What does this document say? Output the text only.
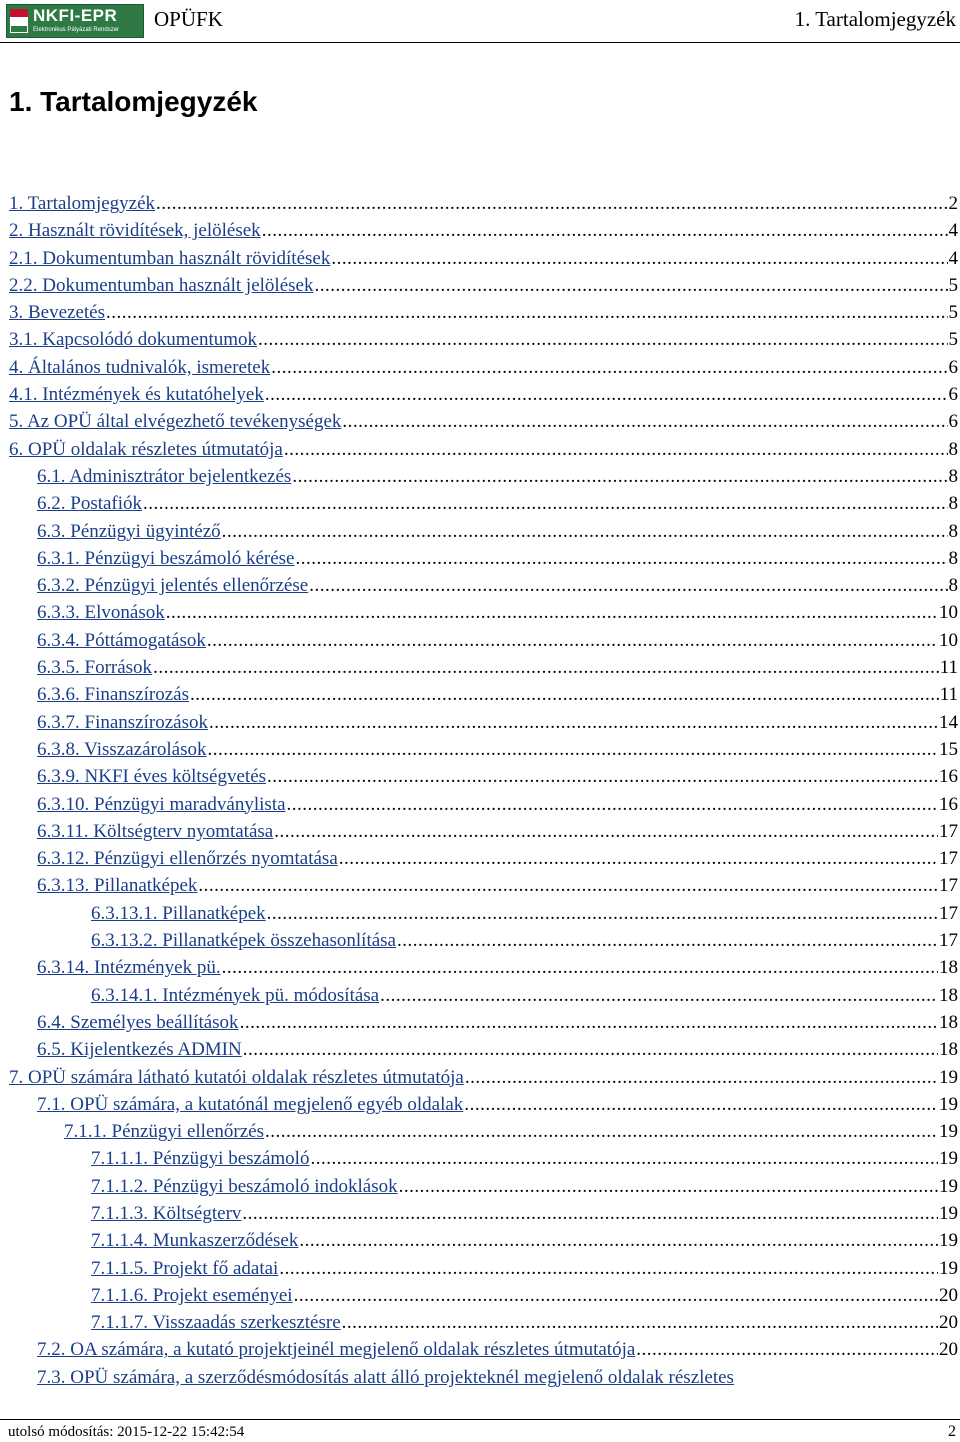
NKFI-EPR
Elektronikus Pályázati Rendszer OPÜFK	1. Tartalomjegyzék
1. Tartalomjegyzék
1. Tartalomjegyzék .....	2
2. Használt rövidítések, jelölések .....	4
2.1. Dokumentumban használt rövidítések .....	4
2.2. Dokumentumban használt jelölések .....	5
3. Bevezetés .....	5
3.1. Kapcsolódó dokumentumok .....	5
4. Általános tudnivalók, ismeretek .....	6
4.1. Intézmények és kutatóhelyek .....	6
5. Az OPÜ által elvégezhető tevékenységek .....	6
6. OPÜ oldalak részletes útmutatója .....	8
6.1. Adminisztrátor bejelentkezés .....	8
6.2. Postafiók .....	8
6.3. Pénzügyi ügyintéző .....	8
6.3.1. Pénzügyi beszámoló kérése .....	8
6.3.2. Pénzügyi jelentés ellenőrzése .....	8
6.3.3. Elvonások .....	10
6.3.4. Póttámogatások .....	10
6.3.5. Források .....	11
6.3.6. Finanszírozás .....	11
6.3.7. Finanszírozások .....	14
6.3.8. Visszazárolások .....	15
6.3.9. NKFI éves költségvetés .....	16
6.3.10. Pénzügyi maradványlista .....	16
6.3.11. Költségterv nyomtatása .....	17
6.3.12. Pénzügyi ellenőrzés nyomtatása .....	17
6.3.13. Pillanatképek .....	17
6.3.13.1. Pillanatképek .....	17
6.3.13.2. Pillanatképek összehasonlítása .....	17
6.3.14. Intézmények pü. .....	18
6.3.14.1. Intézmények pü. módosítása .....	18
6.4. Személyes beállítások .....	18
6.5. Kijelentkezés ADMIN .....	18
7. OPÜ számára látható kutatói oldalak részletes útmutatója .....	19
7.1. OPÜ számára, a kutatónál megjelenő egyéb oldalak .....	19
7.1.1. Pénzügyi ellenőrzés .....	19
7.1.1.1. Pénzügyi beszámoló .....	19
7.1.1.2. Pénzügyi beszámoló indoklások .....	19
7.1.1.3. Költségterv .....	19
7.1.1.4. Munkaszerződések .....	19
7.1.1.5. Projekt fő adatai .....	19
7.1.1.6. Projekt eseményei .....	20
7.1.1.7. Visszaadás szerkesztésre .....	20
7.2. OA számára, a kutató projektjeinél megjelenő oldalak részletes útmutatója .....	20
7.3. OPÜ számára, a szerződésmódosítás alatt álló projekteknél megjelenő oldalak részletes
utolsó módosítás: 2015-12-22 15:42:54	2
